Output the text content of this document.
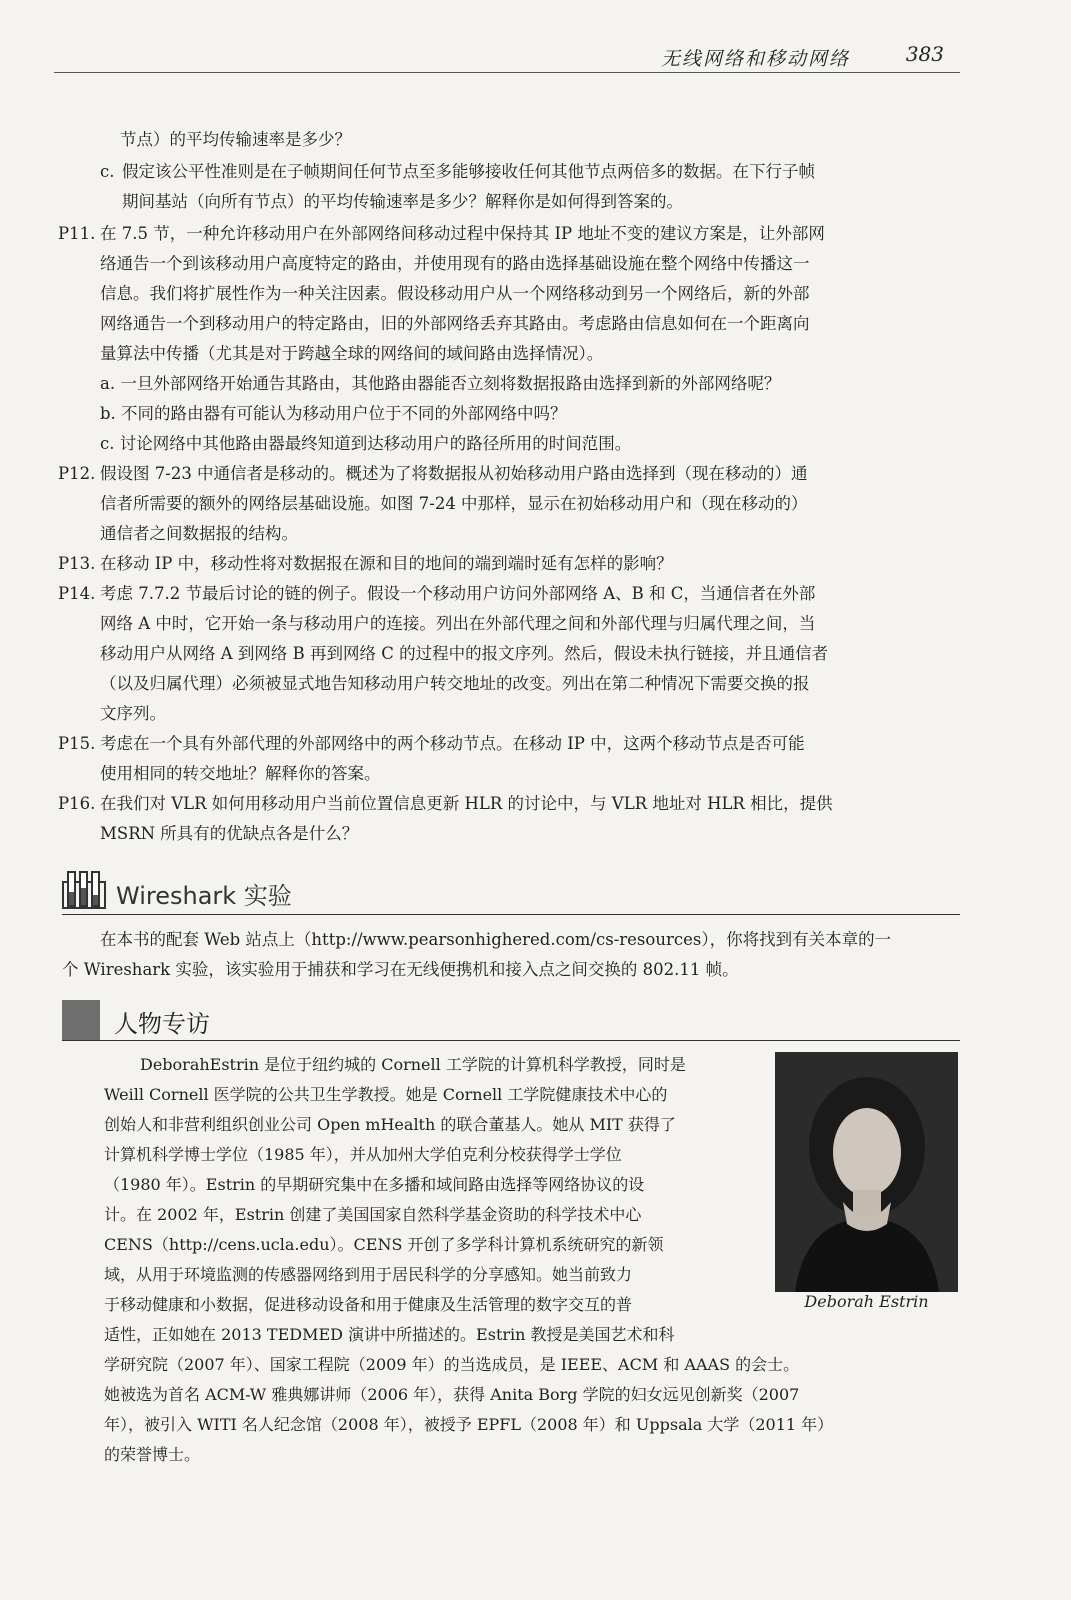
无线网络和移动网络	383
节点）的平均传输速率是多少？
c. 假定该公平性准则是在子帧期间任何节点至多能够接收任何其他节点两倍多的数据。在下行子帧
期间基站（向所有节点）的平均传输速率是多少？解释你是如何得到答案的。
P11. 在 7.5 节，一种允许移动用户在外部网络间移动过程中保持其 IP 地址不变的建议方案是，让外部网
络通告一个到该移动用户高度特定的路由，并使用现有的路由选择基础设施在整个网络中传播这一
信息。我们将扩展性作为一种关注因素。假设移动用户从一个网络移动到另一个网络后，新的外部
网络通告一个到移动用户的特定路由，旧的外部网络丢弃其路由。考虑路由信息如何在一个距离向
量算法中传播（尤其是对于跨越全球的网络间的域间路由选择情况）。
a. 一旦外部网络开始通告其路由，其他路由器能否立刻将数据报路由选择到新的外部网络呢？
b. 不同的路由器有可能认为移动用户位于不同的外部网络中吗？
c. 讨论网络中其他路由器最终知道到达移动用户的路径所用的时间范围。
P12. 假设图 7-23 中通信者是移动的。概述为了将数据报从初始移动用户路由选择到（现在移动的）通
信者所需要的额外的网络层基础设施。如图 7-24 中那样，显示在初始移动用户和（现在移动的）
通信者之间数据报的结构。
P13. 在移动 IP 中，移动性将对数据报在源和目的地间的端到端时延有怎样的影响？
P14. 考虑 7.7.2 节最后讨论的链的例子。假设一个移动用户访问外部网络 A、B 和 C，当通信者在外部
网络 A 中时，它开始一条与移动用户的连接。列出在外部代理之间和外部代理与归属代理之间，当
移动用户从网络 A 到网络 B 再到网络 C 的过程中的报文序列。然后，假设未执行链接，并且通信者
（以及归属代理）必须被显式地告知移动用户转交地址的改变。列出在第二种情况下需要交换的报
文序列。
P15. 考虑在一个具有外部代理的外部网络中的两个移动节点。在移动 IP 中，这两个移动节点是否可能
使用相同的转交地址？解释你的答案。
P16. 在我们对 VLR 如何用移动用户当前位置信息更新 HLR 的讨论中，与 VLR 地址对 HLR 相比，提供
MSRN 所具有的优缺点各是什么？
Wireshark 实验
在本书的配套 Web 站点上（http://www.pearsonhighered.com/cs-resources），你将找到有关本章的一
个 Wireshark 实验，该实验用于捕获和学习在无线便携机和接入点之间交换的 802.11 帧。
人物专访
Deborah Estrin
DeborahEstrin 是位于纽约城的 Cornell 工学院的计算机科学教授，同时是
Weill Cornell 医学院的公共卫生学教授。她是 Cornell 工学院健康技术中心的
创始人和非营利组织创业公司 Open mHealth 的联合董基人。她从 MIT 获得了
计算机科学博士学位（1985 年），并从加州大学伯克利分校获得学士学位
（1980 年）。Estrin 的早期研究集中在多播和域间路由选择等网络协议的设
计。在 2002 年，Estrin 创建了美国国家自然科学基金资助的科学技术中心
CENS（http://cens.ucla.edu）。CENS 开创了多学科计算机系统研究的新领
域，从用于环境监测的传感器网络到用于居民科学的分享感知。她当前致力
于移动健康和小数据，促进移动设备和用于健康及生活管理的数字交互的普
适性，正如她在 2013 TEDMED 演讲中所描述的。Estrin 教授是美国艺术和科
学研究院（2007 年）、国家工程院（2009 年）的当选成员，是 IEEE、ACM 和 AAAS 的会士。
她被选为首名 ACM-W 雅典娜讲师（2006 年），获得 Anita Borg 学院的妇女远见创新奖（2007
年），被引入 WITI 名人纪念馆（2008 年），被授予 EPFL（2008 年）和 Uppsala 大学（2011 年）
的荣誉博士。
